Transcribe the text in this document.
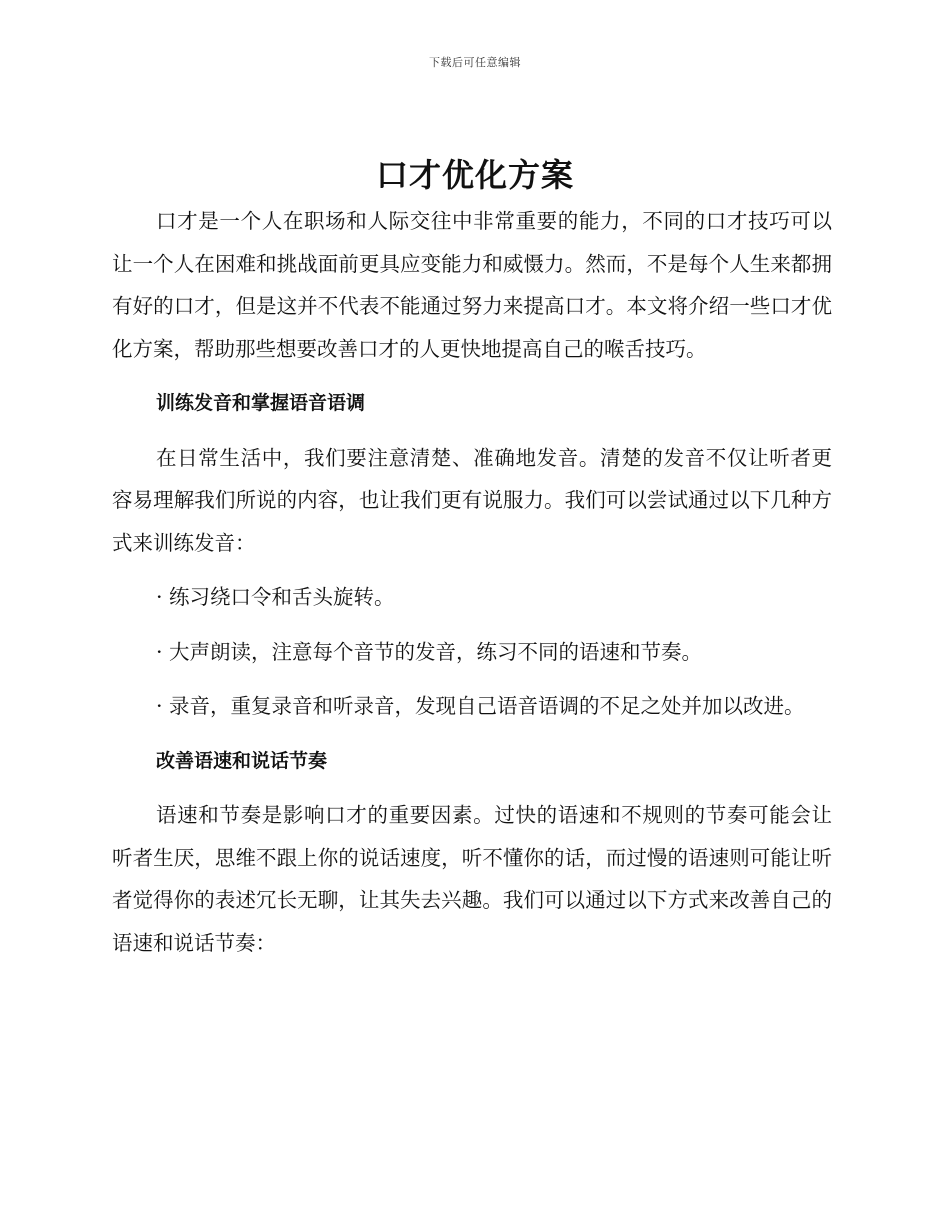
下载后可任意编辑
口才优化方案

口才是一个人在职场和人际交往中非常重要的能力，不同的口才技巧可以让一个人在困难和挑战面前更具应变能力和威慑力。然而，不是每个人生来都拥有好的口才，但是这并不代表不能通过努力来提高口才。本文将介绍一些口才优化方案，帮助那些想要改善口才的人更快地提高自己的喉舌技巧。

训练发音和掌握语音语调

在日常生活中，我们要注意清楚、准确地发音。清楚的发音不仅让听者更容易理解我们所说的内容，也让我们更有说服力。我们可以尝试通过以下几种方式来训练发音：

· 练习绕口令和舌头旋转。

· 大声朗读，注意每个音节的发音，练习不同的语速和节奏。

· 录音，重复录音和听录音，发现自己语音语调的不足之处并加以改进。

改善语速和说话节奏

语速和节奏是影响口才的重要因素。过快的语速和不规则的节奏可能会让听者生厌，思维不跟上你的说话速度，听不懂你的话，而过慢的语速则可能让听者觉得你的表述冗长无聊，让其失去兴趣。我们可以通过以下方式来改善自己的语速和说话节奏：
